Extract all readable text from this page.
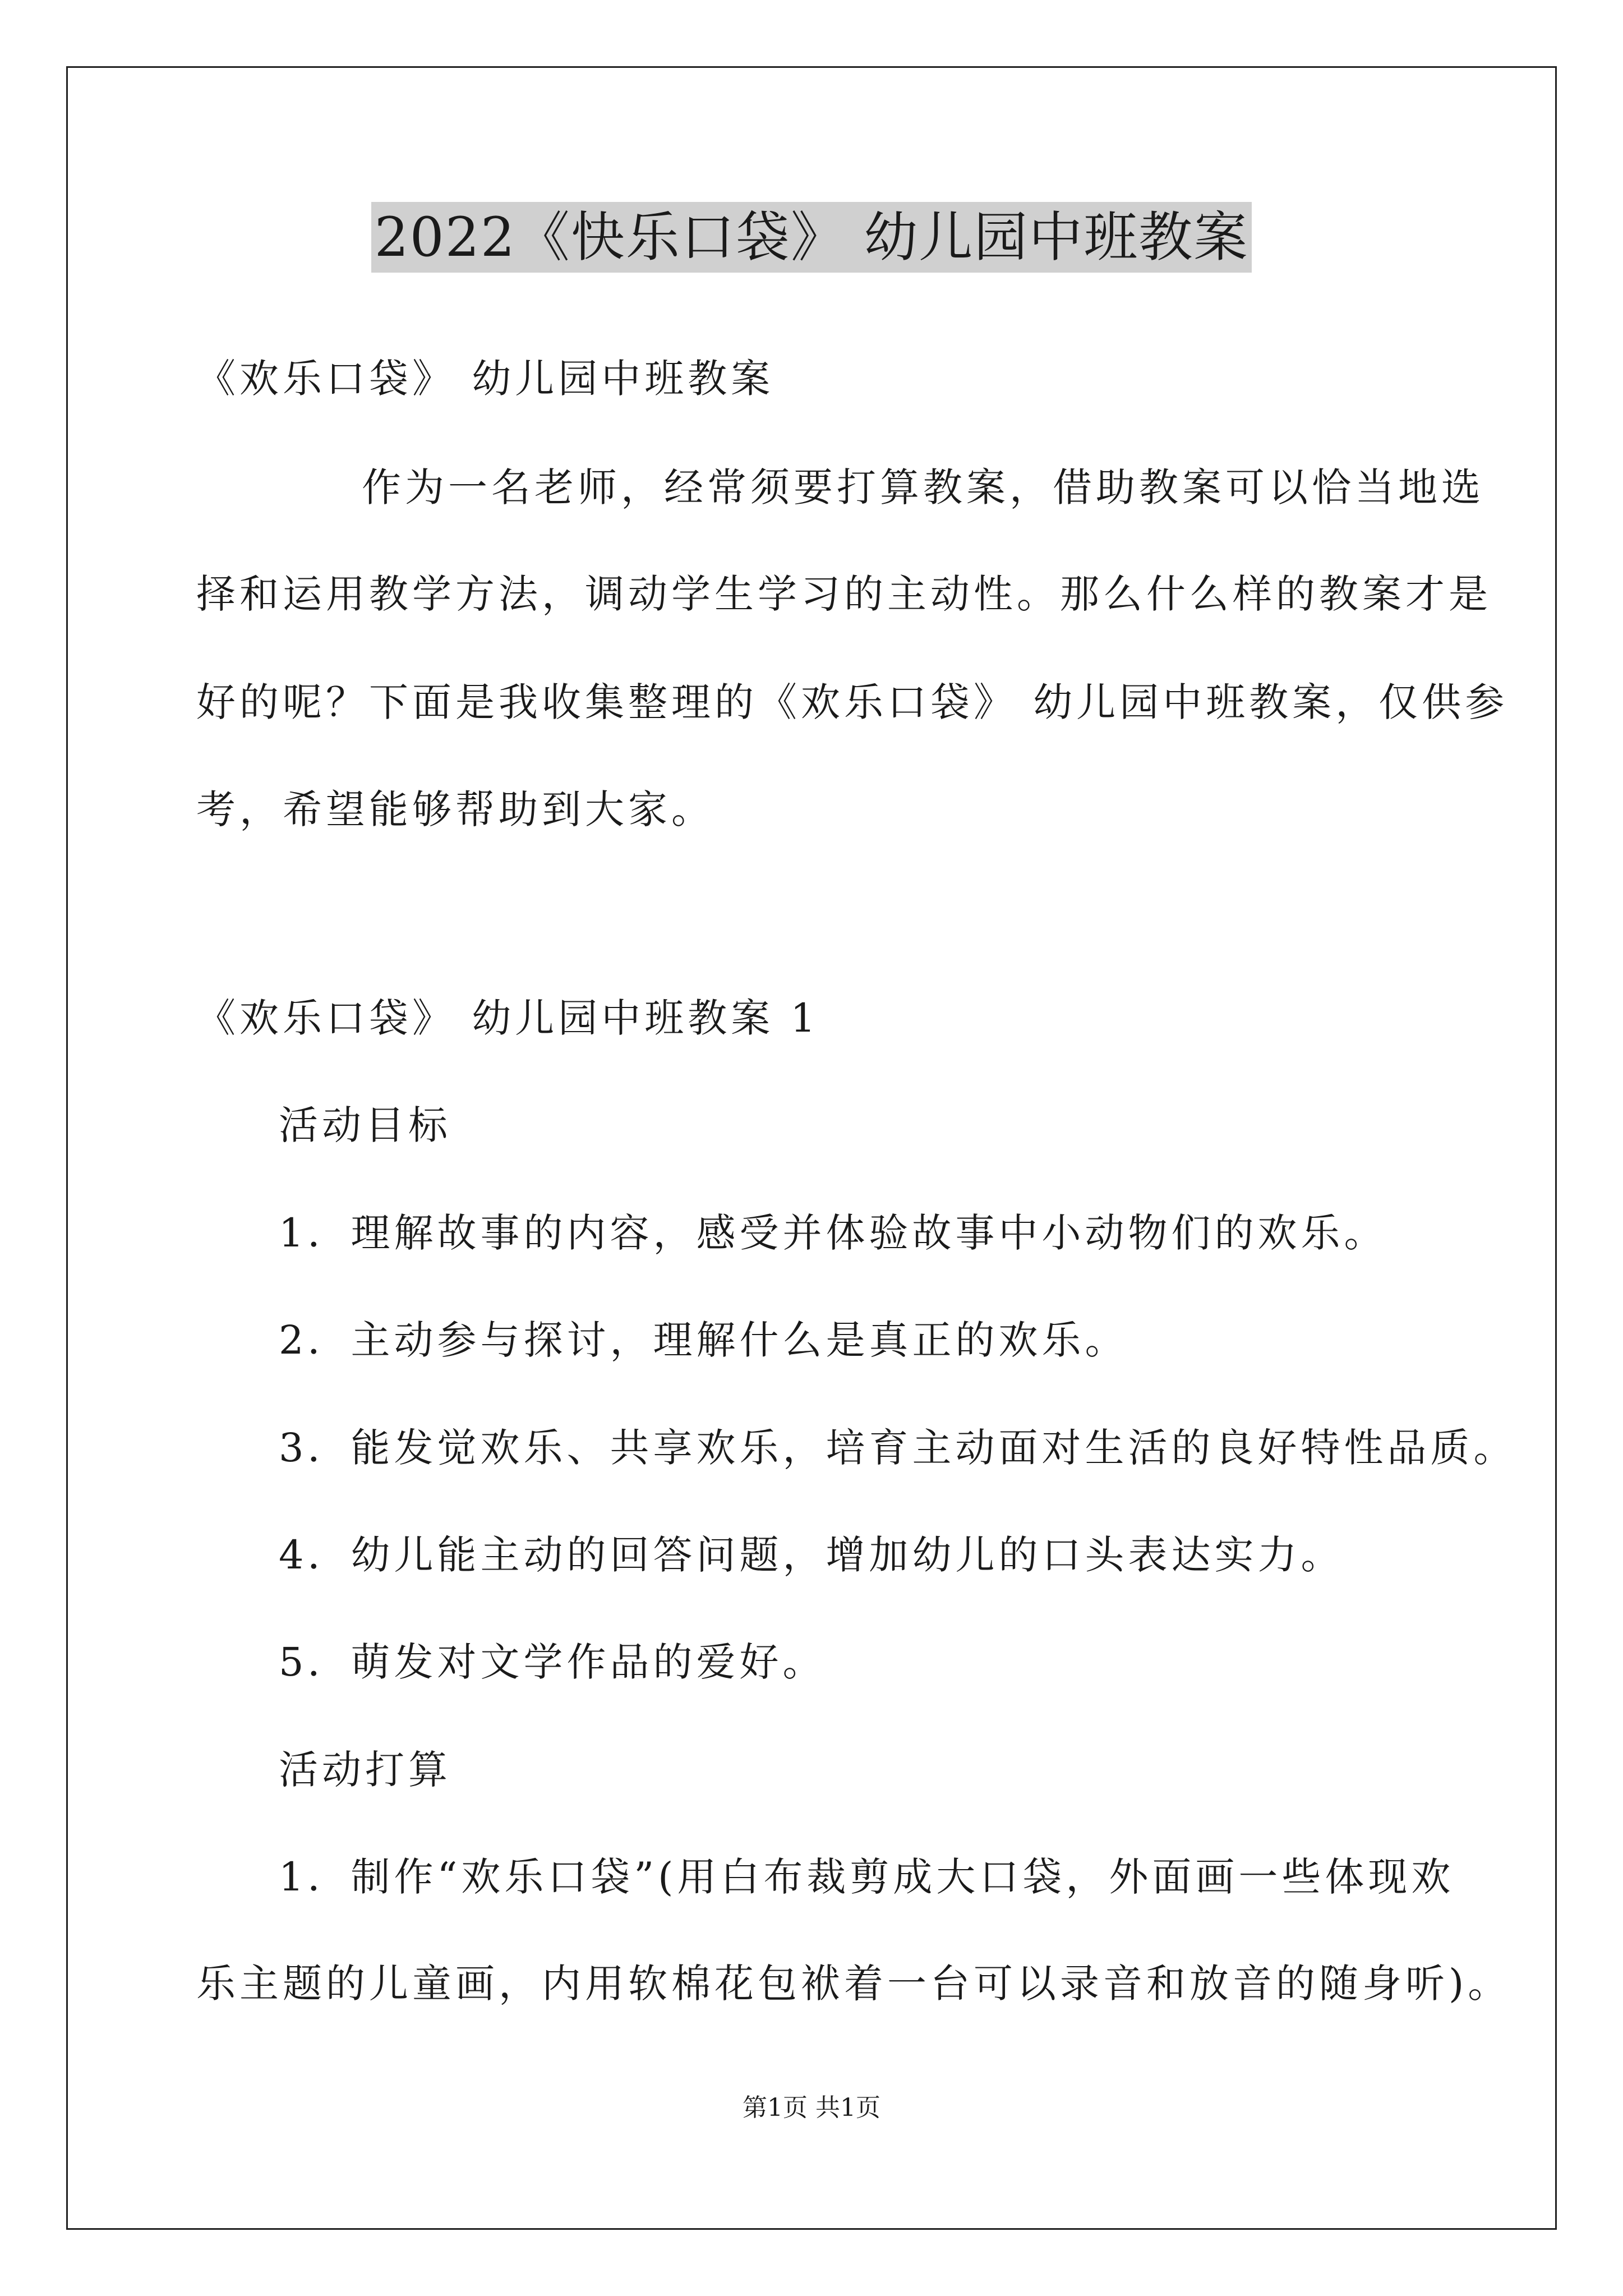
2022《快乐口袋》 幼儿园中班教案
《欢乐口袋》 幼儿园中班教案
作为一名老师，经常须要打算教案，借助教案可以恰当地选
择和运用教学方法，调动学生学习的主动性。那么什么样的教案才是
好的呢？下面是我收集整理的《欢乐口袋》 幼儿园中班教案，仅供参
考，希望能够帮助到大家。
《欢乐口袋》 幼儿园中班教案 1
活动目标
1．理解故事的内容，感受并体验故事中小动物们的欢乐。
2．主动参与探讨，理解什么是真正的欢乐。
3．能发觉欢乐、共享欢乐，培育主动面对生活的良好特性品质。
4．幼儿能主动的回答问题，增加幼儿的口头表达实力。
5．萌发对文学作品的爱好。
活动打算
1．制作“欢乐口袋”(用白布裁剪成大口袋，外面画一些体现欢
乐主题的儿童画，内用软棉花包袱着一台可以录音和放音的随身听)。
第1页 共1页
